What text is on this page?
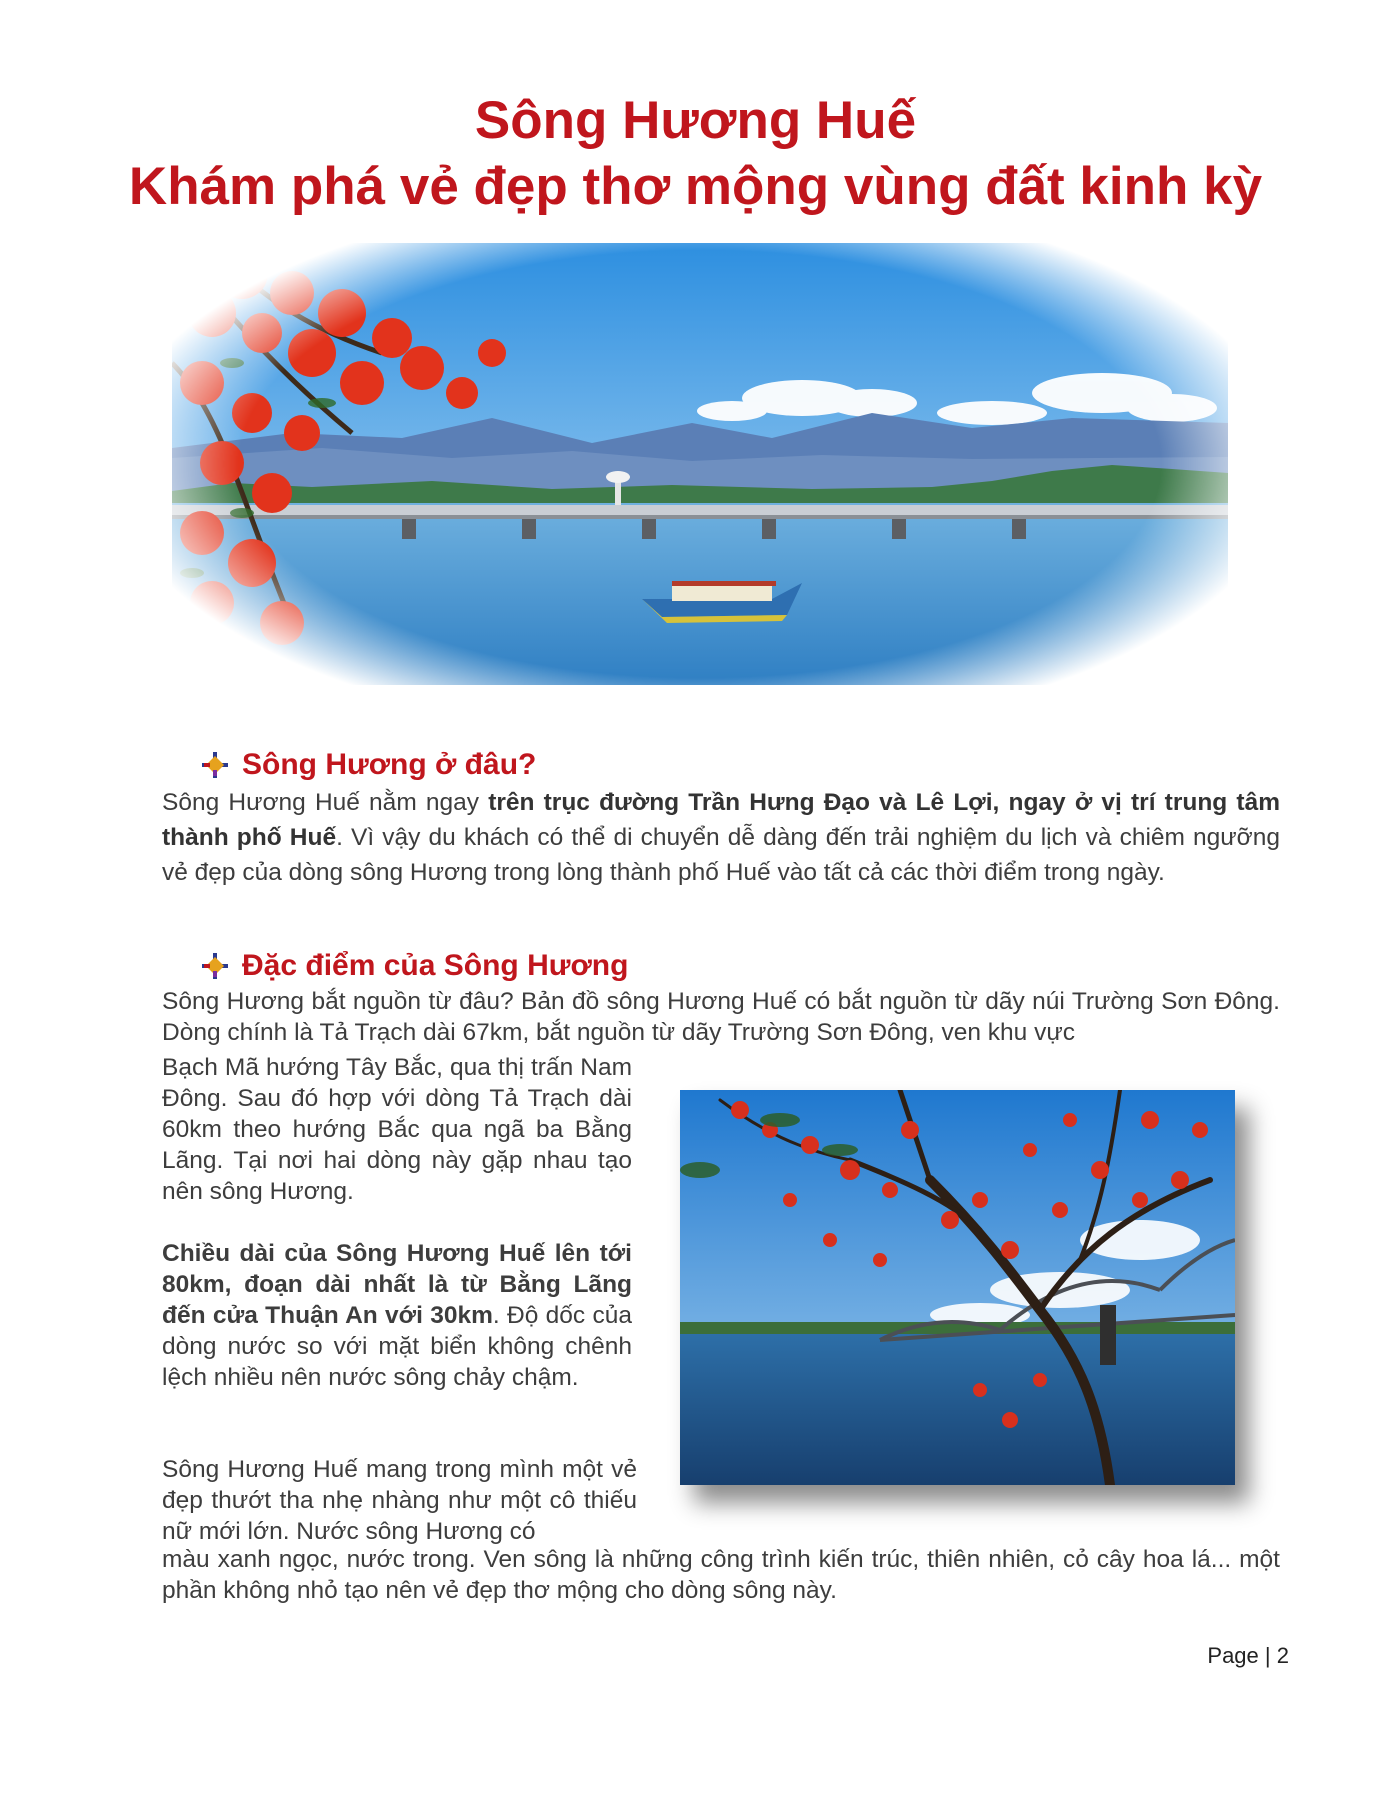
Sông Hương Huế
Khám phá vẻ đẹp thơ mộng vùng đất kinh kỳ
Sông Hương ở đâu?

Sông Hương Huế nằm ngay trên trục đường Trần Hưng Đạo và Lê Lợi, ngay ở vị trí trung tâm thành phố Huế. Vì vậy du khách có thể di chuyển dễ dàng đến trải nghiệm du lịch và chiêm ngưỡng vẻ đẹp của dòng sông Hương trong lòng thành phố Huế vào tất cả các thời điểm trong ngày.

Đặc điểm của Sông Hương

Sông Hương bắt nguồn từ đâu? Bản đồ sông Hương Huế có bắt nguồn từ dãy núi Trường Sơn Đông. Dòng chính là Tả Trạch dài 67km, bắt nguồn từ dãy Trường Sơn Đông, ven khu vực

Bạch Mã hướng Tây Bắc, qua thị trấn Nam Đông. Sau đó hợp với dòng Tả Trạch dài 60km theo hướng Bắc qua ngã ba Bằng Lãng. Tại nơi hai dòng này gặp nhau tạo nên sông Hương.

Chiều dài của Sông Hương Huế lên tới 80km, đoạn dài nhất là từ Bằng Lãng đến cửa Thuận An với 30km. Độ dốc của dòng nước so với mặt biển không chênh lệch nhiều nên nước sông chảy chậm.

Sông Hương Huế mang trong mình một vẻ đẹp thướt tha nhẹ nhàng như một cô thiếu nữ mới lớn. Nước sông Hương có

màu xanh ngọc, nước trong. Ven sông là những công trình kiến trúc, thiên nhiên, cỏ cây hoa lá... một phần không nhỏ tạo nên vẻ đẹp thơ mộng cho dòng sông này.

Page | 2
